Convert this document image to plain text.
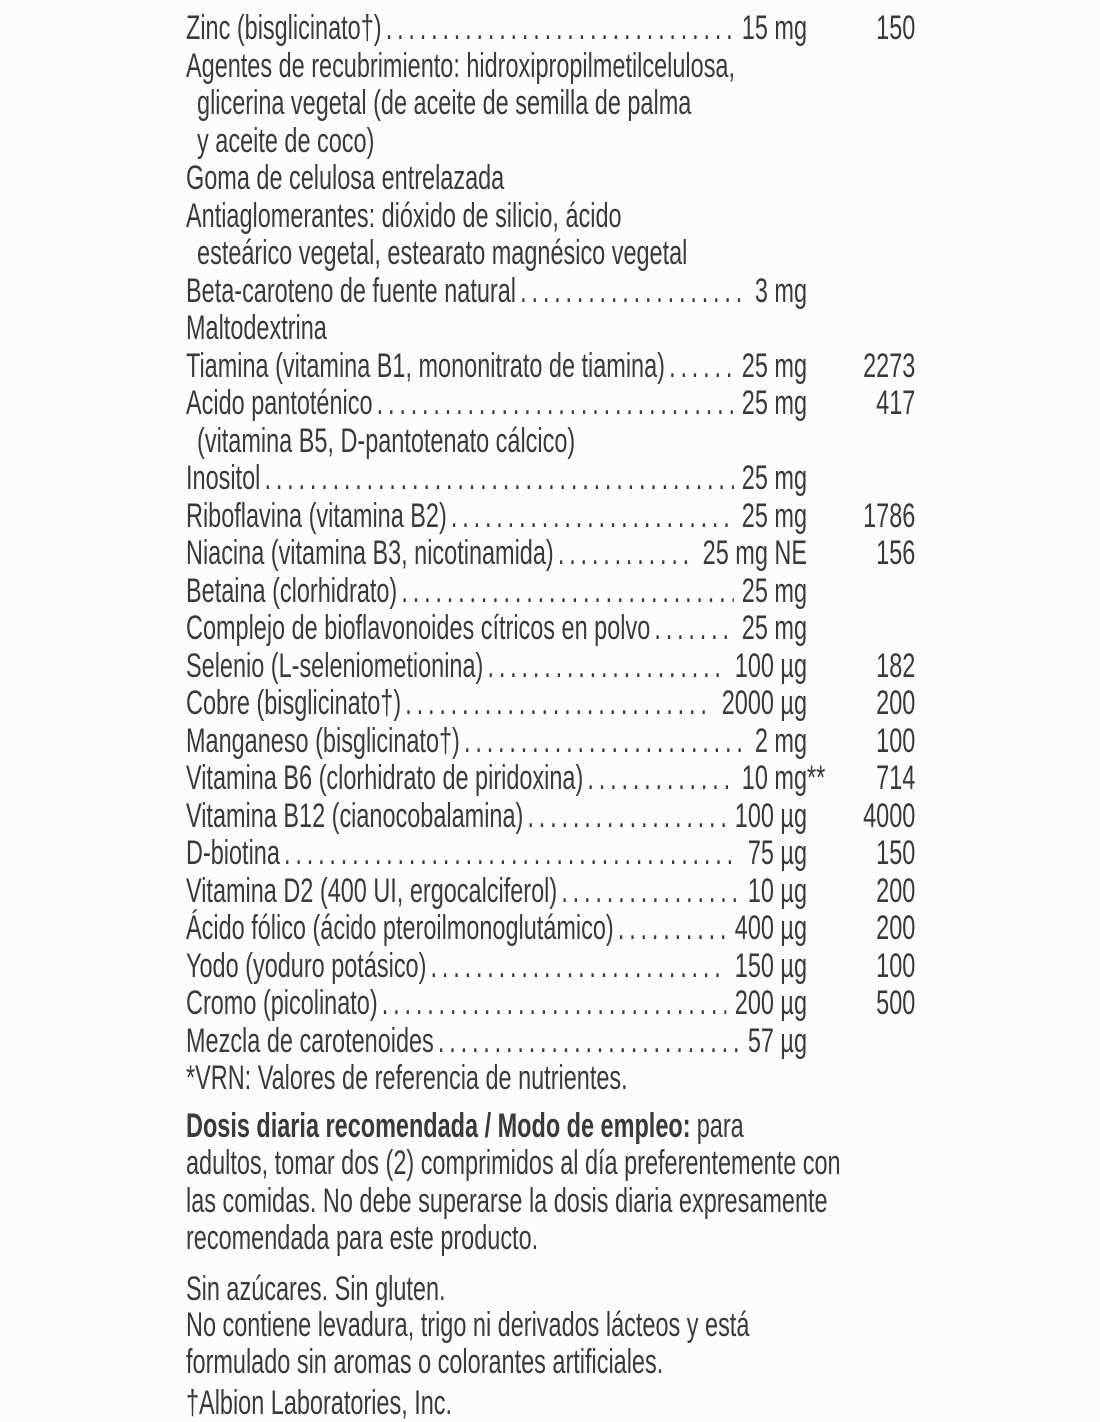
Zinc (bisglicinato†) .....	15 mg	150
Agentes de recubrimiento: hidroxipropilmetilcelulosa,
glicerina vegetal (de aceite de semilla de palma
y aceite de coco)
Goma de celulosa entrelazada
Antiaglomerantes: dióxido de silicio, ácido
esteárico vegetal, estearato magnésico vegetal
Beta-caroteno de fuente natural .....	3 mg
Maltodextrina
Tiamina (vitamina B1, mononitrato de tiamina) ..... 25 mg	2273
Acido pantoténico .....	25 mg	417
(vitamina B5, D-pantotenato cálcico)
Inositol .....	25 mg
Riboflavina (vitamina B2) .....	25 mg	1786
Niacina (vitamina B3, nicotinamida) .....	25 mg NE	156
Betaina (clorhidrato) .....	25 mg
Complejo de bioflavonoides cítricos en polvo .....	25 mg
Selenio (L-seleniometionina) .....	100 µg	182
Cobre (bisglicinato†) .....	2000 µg	200
Manganeso (bisglicinato†) .....	2 mg	100
Vitamina B6 (clorhidrato de piridoxina) .....	10 mg **	714
Vitamina B12 (cianocobalamina) .....	100 µg	4000
D-biotina .....	75 µg	150
Vitamina D2 (400 UI, ergocalciferol) .....	10 µg	200
Ácido fólico (ácido pteroilmonoglutámico) .....	400 µg	200
Yodo (yoduro potásico) .....	150 µg	100
Cromo (picolinato) .....	200 µg	500
Mezcla de carotenoides .....	57 µg
*VRN: Valores de referencia de nutrientes.
Dosis diaria recomendada / Modo de empleo: para
adultos, tomar dos (2) comprimidos al día preferentemente con
las comidas. No debe superarse la dosis diaria expresamente
recomendada para este producto.
Sin azúcares. Sin gluten.
No contiene levadura, trigo ni derivados lácteos y está
formulado sin aromas o colorantes artificiales.
†Albion Laboratories, Inc.
